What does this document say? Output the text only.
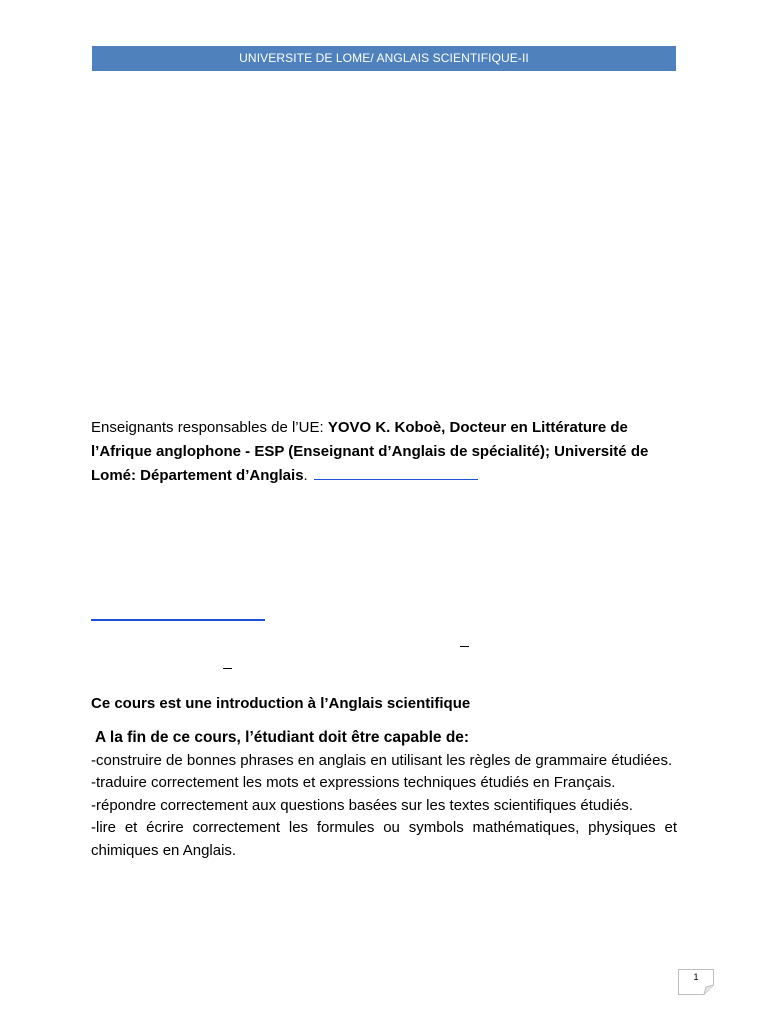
UNIVERSITE DE LOME/ ANGLAIS SCIENTIFIQUE-II
Enseignants responsables de l’UE: YOVO K. Koboè, Docteur en Littérature de l’Afrique anglophone - ESP (Enseignant d’Anglais de spécialité); Université de Lomé: Département d’Anglais.
Ce cours est une introduction à l’Anglais scientifique
A la fin de ce cours, l’étudiant doit être capable de:
-construire de bonnes phrases en anglais en utilisant les règles de grammaire étudiées.
-traduire correctement les mots et expressions techniques étudiés en Français.
-répondre correctement aux questions basées sur les textes scientifiques étudiés.
-lire et écrire correctement les formules ou symbols mathématiques, physiques et chimiques en Anglais.
1
